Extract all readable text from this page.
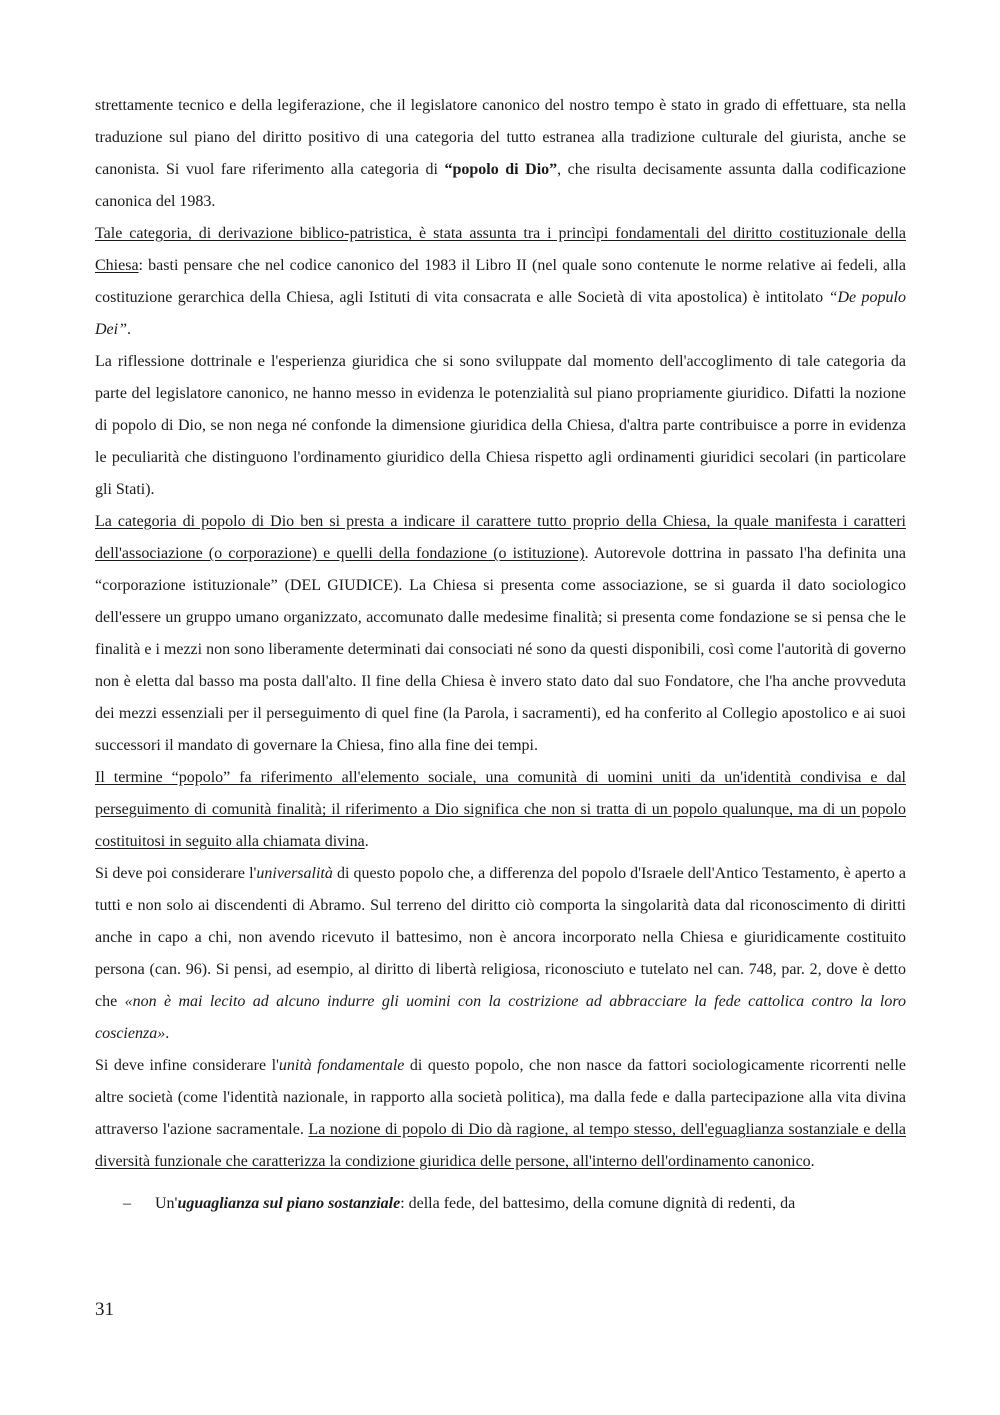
strettamente tecnico e della legiferazione, che il legislatore canonico del nostro tempo è stato in grado di effettuare, sta nella traduzione sul piano del diritto positivo di una categoria del tutto estranea alla tradizione culturale del giurista, anche se canonista. Si vuol fare riferimento alla categoria di “popolo di Dio”, che risulta decisamente assunta dalla codificazione canonica del 1983.

Tale categoria, di derivazione biblico-patristica, è stata assunta tra i princìpi fondamentali del diritto costituzionale della Chiesa: basti pensare che nel codice canonico del 1983 il Libro II (nel quale sono contenute le norme relative ai fedeli, alla costituzione gerarchica della Chiesa, agli Istituti di vita consacrata e alle Società di vita apostolica) è intitolato “De populo Dei”.

La riflessione dottrinale e l'esperienza giuridica che si sono sviluppate dal momento dell'accoglimento di tale categoria da parte del legislatore canonico, ne hanno messo in evidenza le potenzialità sul piano propriamente giuridico. Difatti la nozione di popolo di Dio, se non nega né confonde la dimensione giuridica della Chiesa, d'altra parte contribuisce a porre in evidenza le peculiarità che distinguono l'ordinamento giuridico della Chiesa rispetto agli ordinamenti giuridici secolari (in particolare gli Stati).

La categoria di popolo di Dio ben si presta a indicare il carattere tutto proprio della Chiesa, la quale manifesta i caratteri dell'associazione (o corporazione) e quelli della fondazione (o istituzione). Autorevole dottrina in passato l'ha definita una “corporazione istituzionale” (DEL GIUDICE). La Chiesa si presenta come associazione, se si guarda il dato sociologico dell'essere un gruppo umano organizzato, accomunato dalle medesime finalità; si presenta come fondazione se si pensa che le finalità e i mezzi non sono liberamente determinati dai consociati né sono da questi disponibili, così come l'autorità di governo non è eletta dal basso ma posta dall'alto. Il fine della Chiesa è invero stato dato dal suo Fondatore, che l'ha anche provveduta dei mezzi essenziali per il perseguimento di quel fine (la Parola, i sacramenti), ed ha conferito al Collegio apostolico e ai suoi successori il mandato di governare la Chiesa, fino alla fine dei tempi.

Il termine “popolo” fa riferimento all'elemento sociale, una comunità di uomini uniti da un'identità condivisa e dal perseguimento di comunità finalità; il riferimento a Dio significa che non si tratta di un popolo qualunque, ma di un popolo costituitosi in seguito alla chiamata divina.

Si deve poi considerare l'universalità di questo popolo che, a differenza del popolo d'Israele dell'Antico Testamento, è aperto a tutti e non solo ai discendenti di Abramo. Sul terreno del diritto ciò comporta la singolarità data dal riconoscimento di diritti anche in capo a chi, non avendo ricevuto il battesimo, non è ancora incorporato nella Chiesa e giuridicamente costituito persona (can. 96). Si pensi, ad esempio, al diritto di libertà religiosa, riconosciuto e tutelato nel can. 748, par. 2, dove è detto che «non è mai lecito ad alcuno indurre gli uomini con la costrizione ad abbracciare la fede cattolica contro la loro coscienza».

Si deve infine considerare l'unità fondamentale di questo popolo, che non nasce da fattori sociologicamente ricorrenti nelle altre società (come l'identità nazionale, in rapporto alla società politica), ma dalla fede e dalla partecipazione alla vita divina attraverso l'azione sacramentale. La nozione di popolo di Dio dà ragione, al tempo stesso, dell'eguaglianza sostanziale e della diversità funzionale che caratterizza la condizione giuridica delle persone, all'interno dell'ordinamento canonico.

– Un'uguaglianza sul piano sostanziale: della fede, del battesimo, della comune dignità di redenti, da
31
